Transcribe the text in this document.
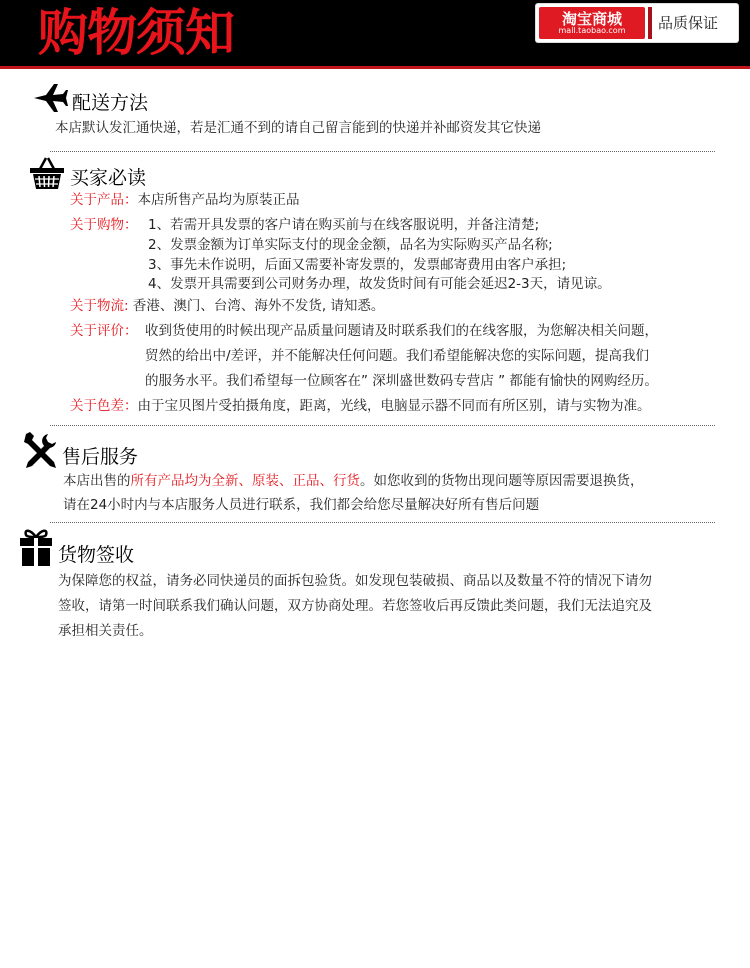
购物须知	淘宝商城
mall.taobao.com	品质保证
配送方法
本店默认发汇通快递，若是汇通不到的请自己留言能到的快递并补邮资发其它快递
买家必读
关于产品：本店所售产品均为原装正品
关于购物： 1、若需开具发票的客户请在购买前与在线客服说明，并备注清楚;
2、发票金额为订单实际支付的现金金额，品名为实际购买产品名称;
3、事先未作说明，后面又需要补寄发票的，发票邮寄费用由客户承担;
4、发票开具需要到公司财务办理，故发货时间有可能会延迟2-3天，请见谅。
关于物流: 香港、澳门、台湾、海外不发货, 请知悉。
关于评价： 收到货使用的时候出现产品质量问题请及时联系我们的在线客服，为您解决相关问题，
贸然的给出中/差评，并不能解决任何问题。我们希望能解决您的实际问题，提高我们
的服务水平。我们希望每一位顾客在” 深圳盛世数码专营店 ” 都能有愉快的网购经历。
关于色差：由于宝贝图片受拍摄角度，距离，光线，电脑显示器不同而有所区别，请与实物为准。
售后服务
本店出售的所有产品均为全新、原装、正品、行货。如您收到的货物出现问题等原因需要退换货，
请在24小时内与本店服务人员进行联系，我们都会给您尽量解决好所有售后问题
货物签收
为保障您的权益，请务必同快递员的面拆包验货。如发现包装破损、商品以及数量不符的情况下请勿
签收，请第一时间联系我们确认问题，双方协商处理。若您签收后再反馈此类问题，我们无法追究及
承担相关责任。
